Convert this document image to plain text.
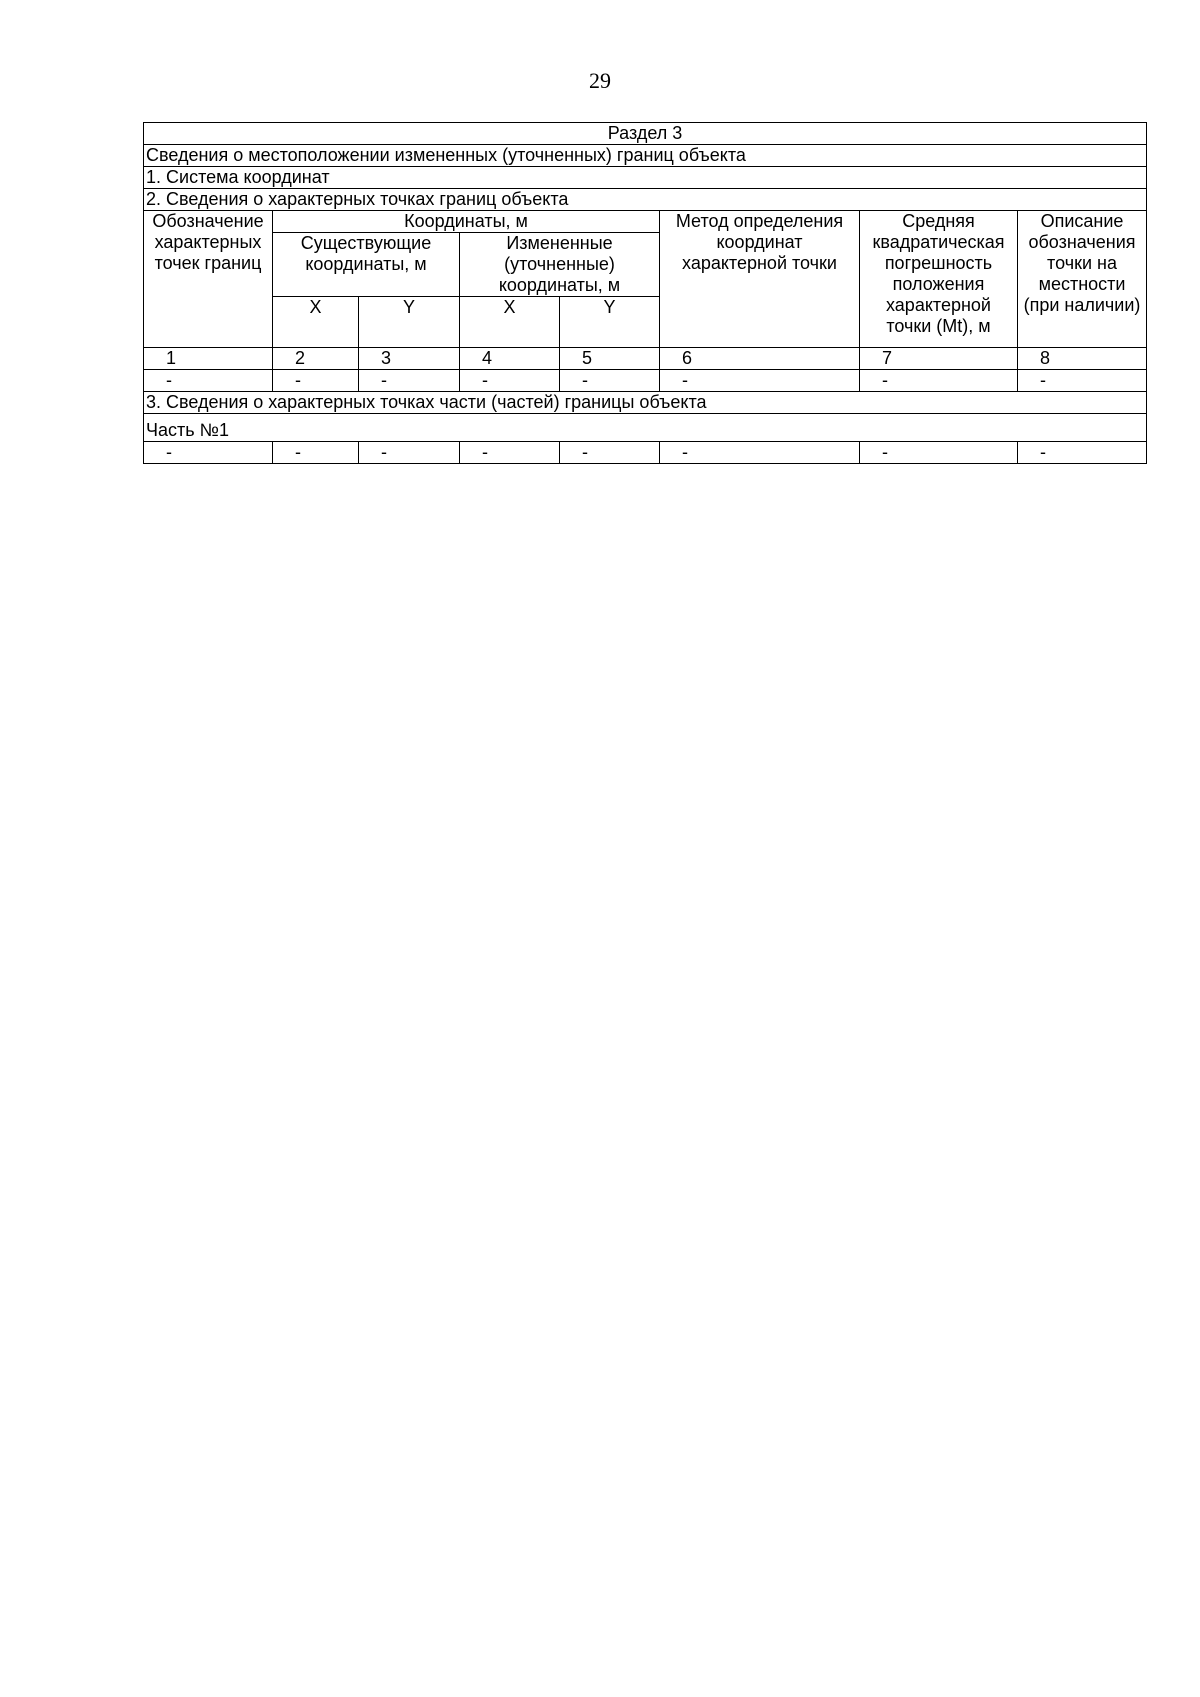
29
Раздел 3							
Сведения о местоположении измененных (уточненных) границ объекта							
1. Система координат							
2. Сведения о характерных точках границ объекта							
Обозначение характерных точек границ	Координаты, м				Метод определения координат характерной точки	Средняя квадратическая погрешность положения характерной точки (Mt), м	Описание обозначения точки на местности (при наличии)
	Существующие координаты, м		Измененные (уточненные) координаты, м				
	X	Y	X	Y			
1	2	3	4	5	6	7	8
-	-	-	-	-	-	-	-
3. Сведения о характерных точках части (частей) границы объекта							
Часть №1							
-	-	-	-	-	-	-	-
